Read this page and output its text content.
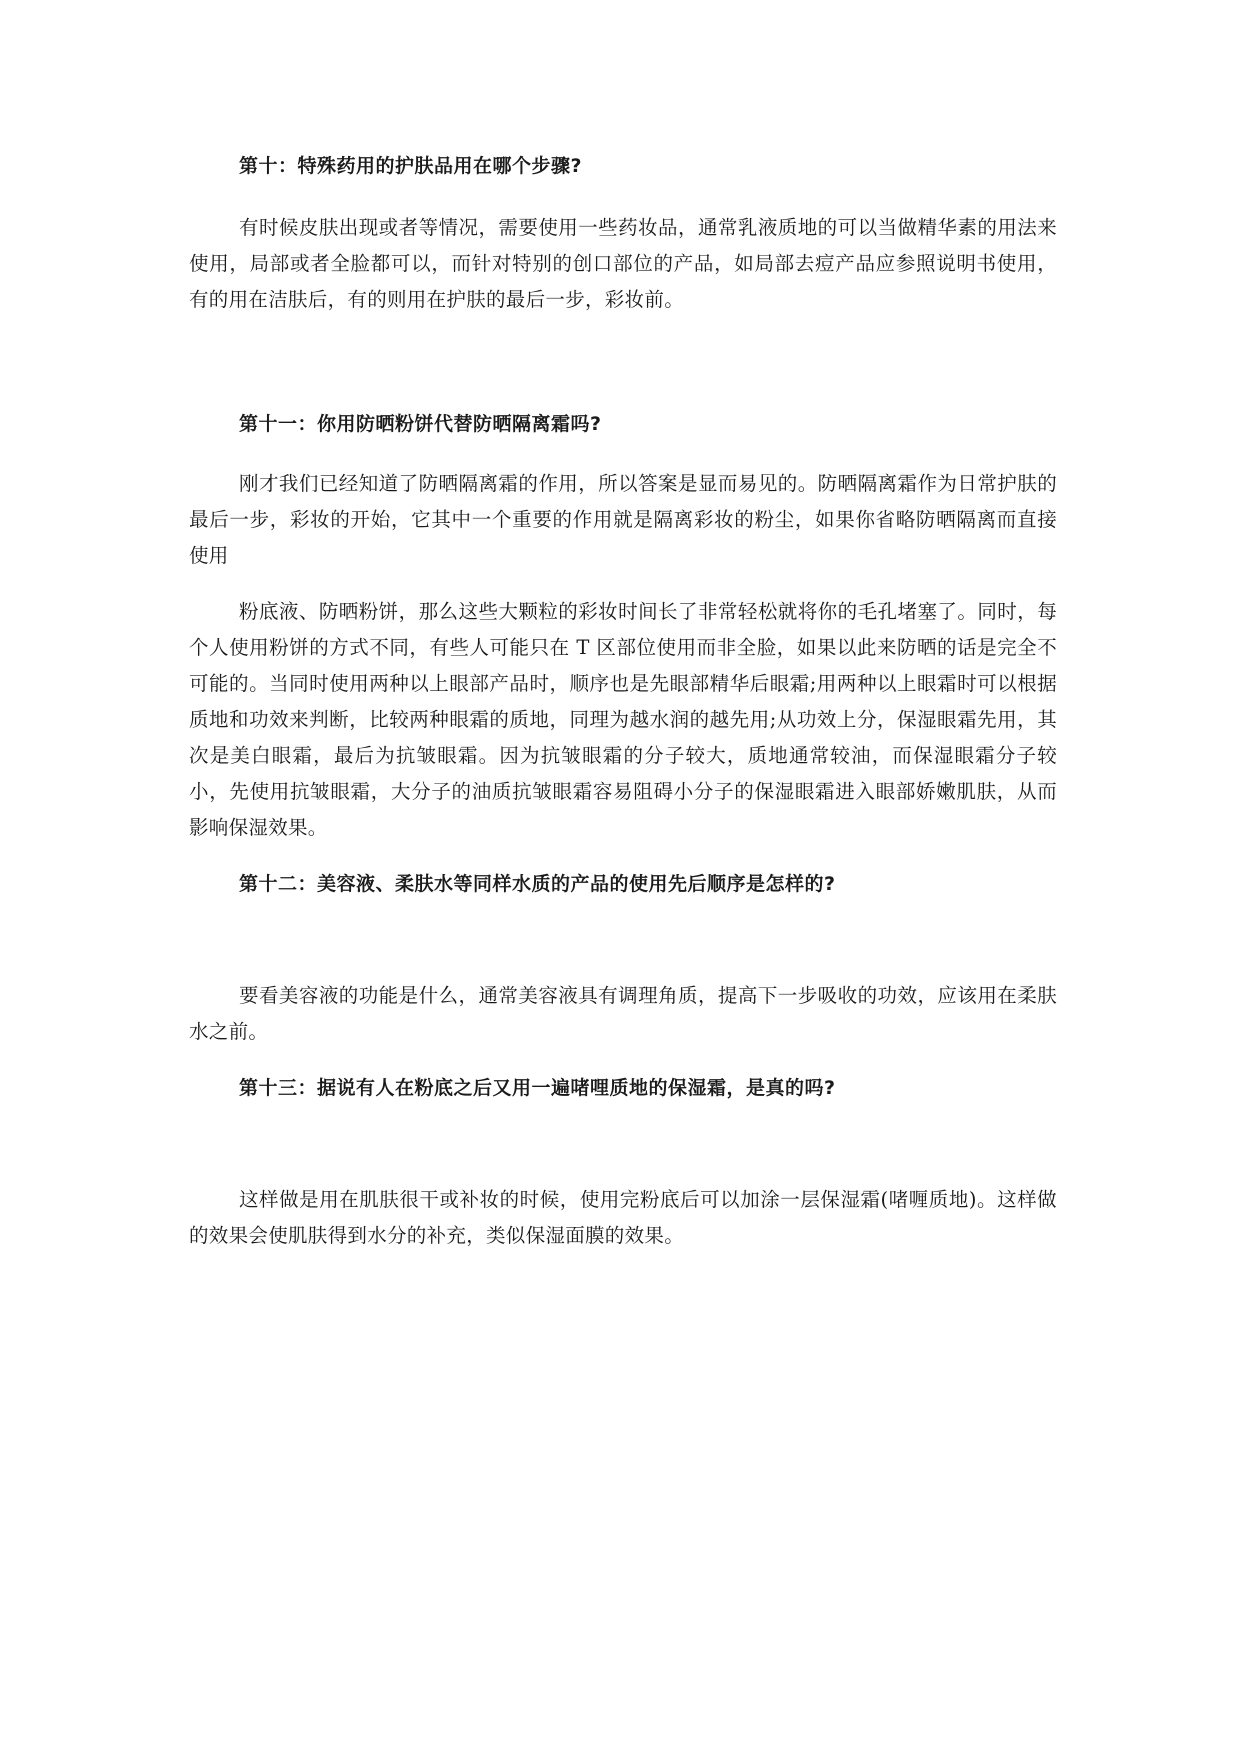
第十：特殊药用的护肤品用在哪个步骤?

有时候皮肤出现或者等情况，需要使用一些药妆品，通常乳液质地的可以当做精华素的用法来使用，局部或者全脸都可以，而针对特别的创口部位的产品，如局部去痘产品应参照说明书使用，有的用在洁肤后，有的则用在护肤的最后一步，彩妆前。

第十一：你用防晒粉饼代替防晒隔离霜吗?

刚才我们已经知道了防晒隔离霜的作用，所以答案是显而易见的。防晒隔离霜作为日常护肤的最后一步，彩妆的开始，它其中一个重要的作用就是隔离彩妆的粉尘，如果你省略防晒隔离而直接使用

粉底液、防晒粉饼，那么这些大颗粒的彩妆时间长了非常轻松就将你的毛孔堵塞了。同时，每个人使用粉饼的方式不同，有些人可能只在 T 区部位使用而非全脸，如果以此来防晒的话是完全不可能的。当同时使用两种以上眼部产品时，顺序也是先眼部精华后眼霜;用两种以上眼霜时可以根据质地和功效来判断，比较两种眼霜的质地，同理为越水润的越先用;从功效上分，保湿眼霜先用，其次是美白眼霜，最后为抗皱眼霜。因为抗皱眼霜的分子较大，质地通常较油，而保湿眼霜分子较小，先使用抗皱眼霜，大分子的油质抗皱眼霜容易阻碍小分子的保湿眼霜进入眼部娇嫩肌肤，从而影响保湿效果。

第十二：美容液、柔肤水等同样水质的产品的使用先后顺序是怎样的?

要看美容液的功能是什么，通常美容液具有调理角质，提高下一步吸收的功效，应该用在柔肤水之前。

第十三：据说有人在粉底之后又用一遍啫哩质地的保湿霜，是真的吗?

这样做是用在肌肤很干或补妆的时候，使用完粉底后可以加涂一层保湿霜(啫喱质地)。这样做的效果会使肌肤得到水分的补充，类似保湿面膜的效果。
